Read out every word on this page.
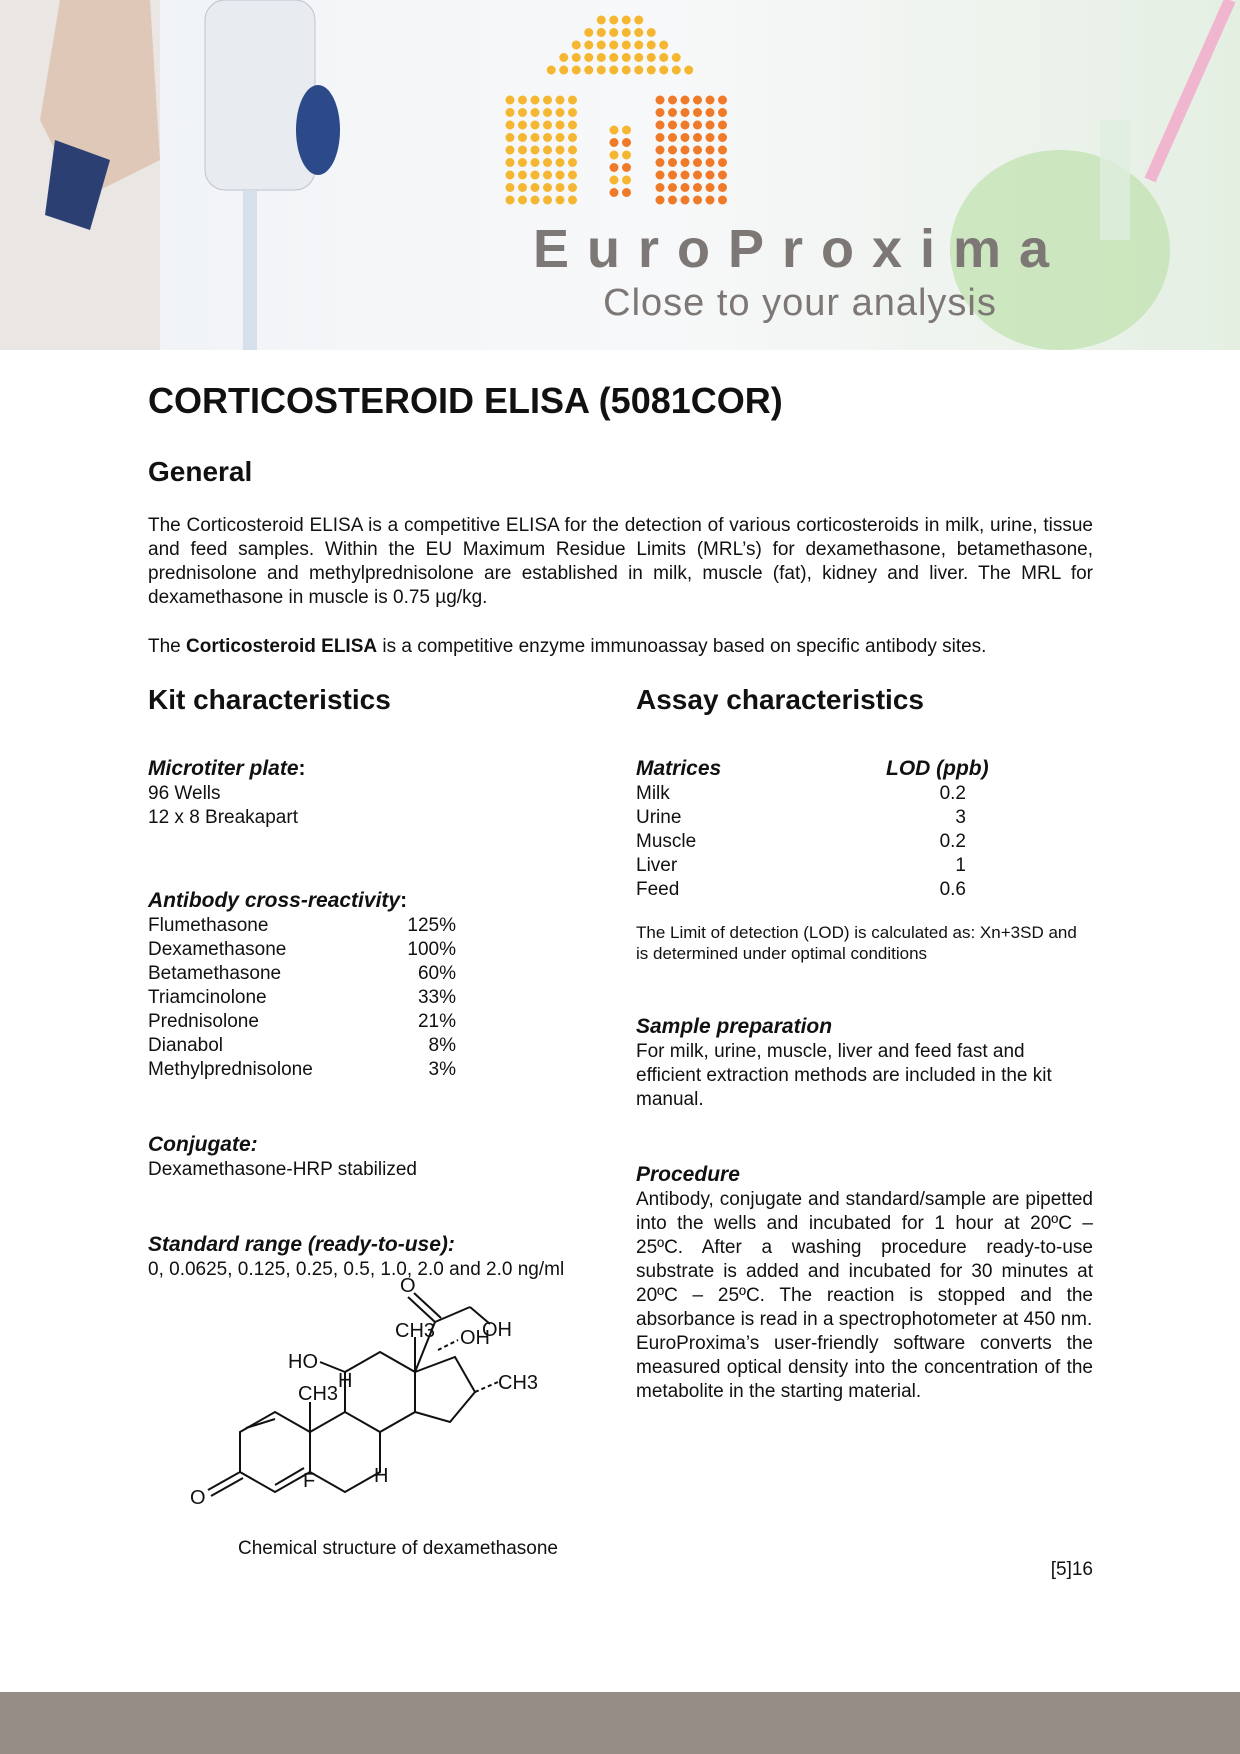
EuroProxima
Close to your analysis
CORTICOSTEROID ELISA (5081COR)
General

The Corticosteroid ELISA is a competitive ELISA for the detection of various corticosteroids in milk, urine, tissue and feed samples. Within the EU Maximum Residue Limits (MRL’s) for dexamethasone, betamethasone, prednisolone and methylprednisolone are established in milk, muscle (fat), kidney and liver. The MRL for dexamethasone in muscle is 0.75 µg/kg.

The Corticosteroid ELISA is a competitive enzyme immunoassay based on specific antibody sites.

Kit characteristics

Microtiter plate:

96 Wells

12 x 8 Breakapart

Antibody cross-reactivity:

Flumethasone	125%
Dexamethasone	100%
Betamethasone	60%
Triamcinolone	33%
Prednisolone	21%
Dianabol	8%
Methylprednisolone	3%

Conjugate:

Dexamethasone-HRP stabilized

Standard range (ready-to-use):

0, 0.0625, 0.125, 0.25, 0.5, 1.0, 2.0 and 2.0 ng/ml

Assay characteristics
Matrices	LOD (ppb)
Milk	0.2
Urine	3
Muscle	0.2
Liver	1
Feed	0.6

The Limit of detection (LOD) is calculated as: Xn+3SD and is determined under optimal conditions

Sample preparation

For milk, urine, muscle, liver and feed fast and efficient extraction methods are included in the kit manual.

Procedure

Antibody, conjugate and standard/sample are pipetted into the wells and incubated for 1 hour at 20ºC – 25ºC. After a washing procedure ready-to-use substrate is added and incubated for 30 minutes at 20ºC – 25ºC. The reaction is stopped and the absorbance is read in a spectrophotometer at 450 nm.

EuroProxima’s user-friendly software converts the measured optical density into the concentration of the metabolite in the starting material.

O
OH
CH3 OH
CH3
HO
CH3
H
F	H
O
Chemical structure of dexamethasone
[5]16
